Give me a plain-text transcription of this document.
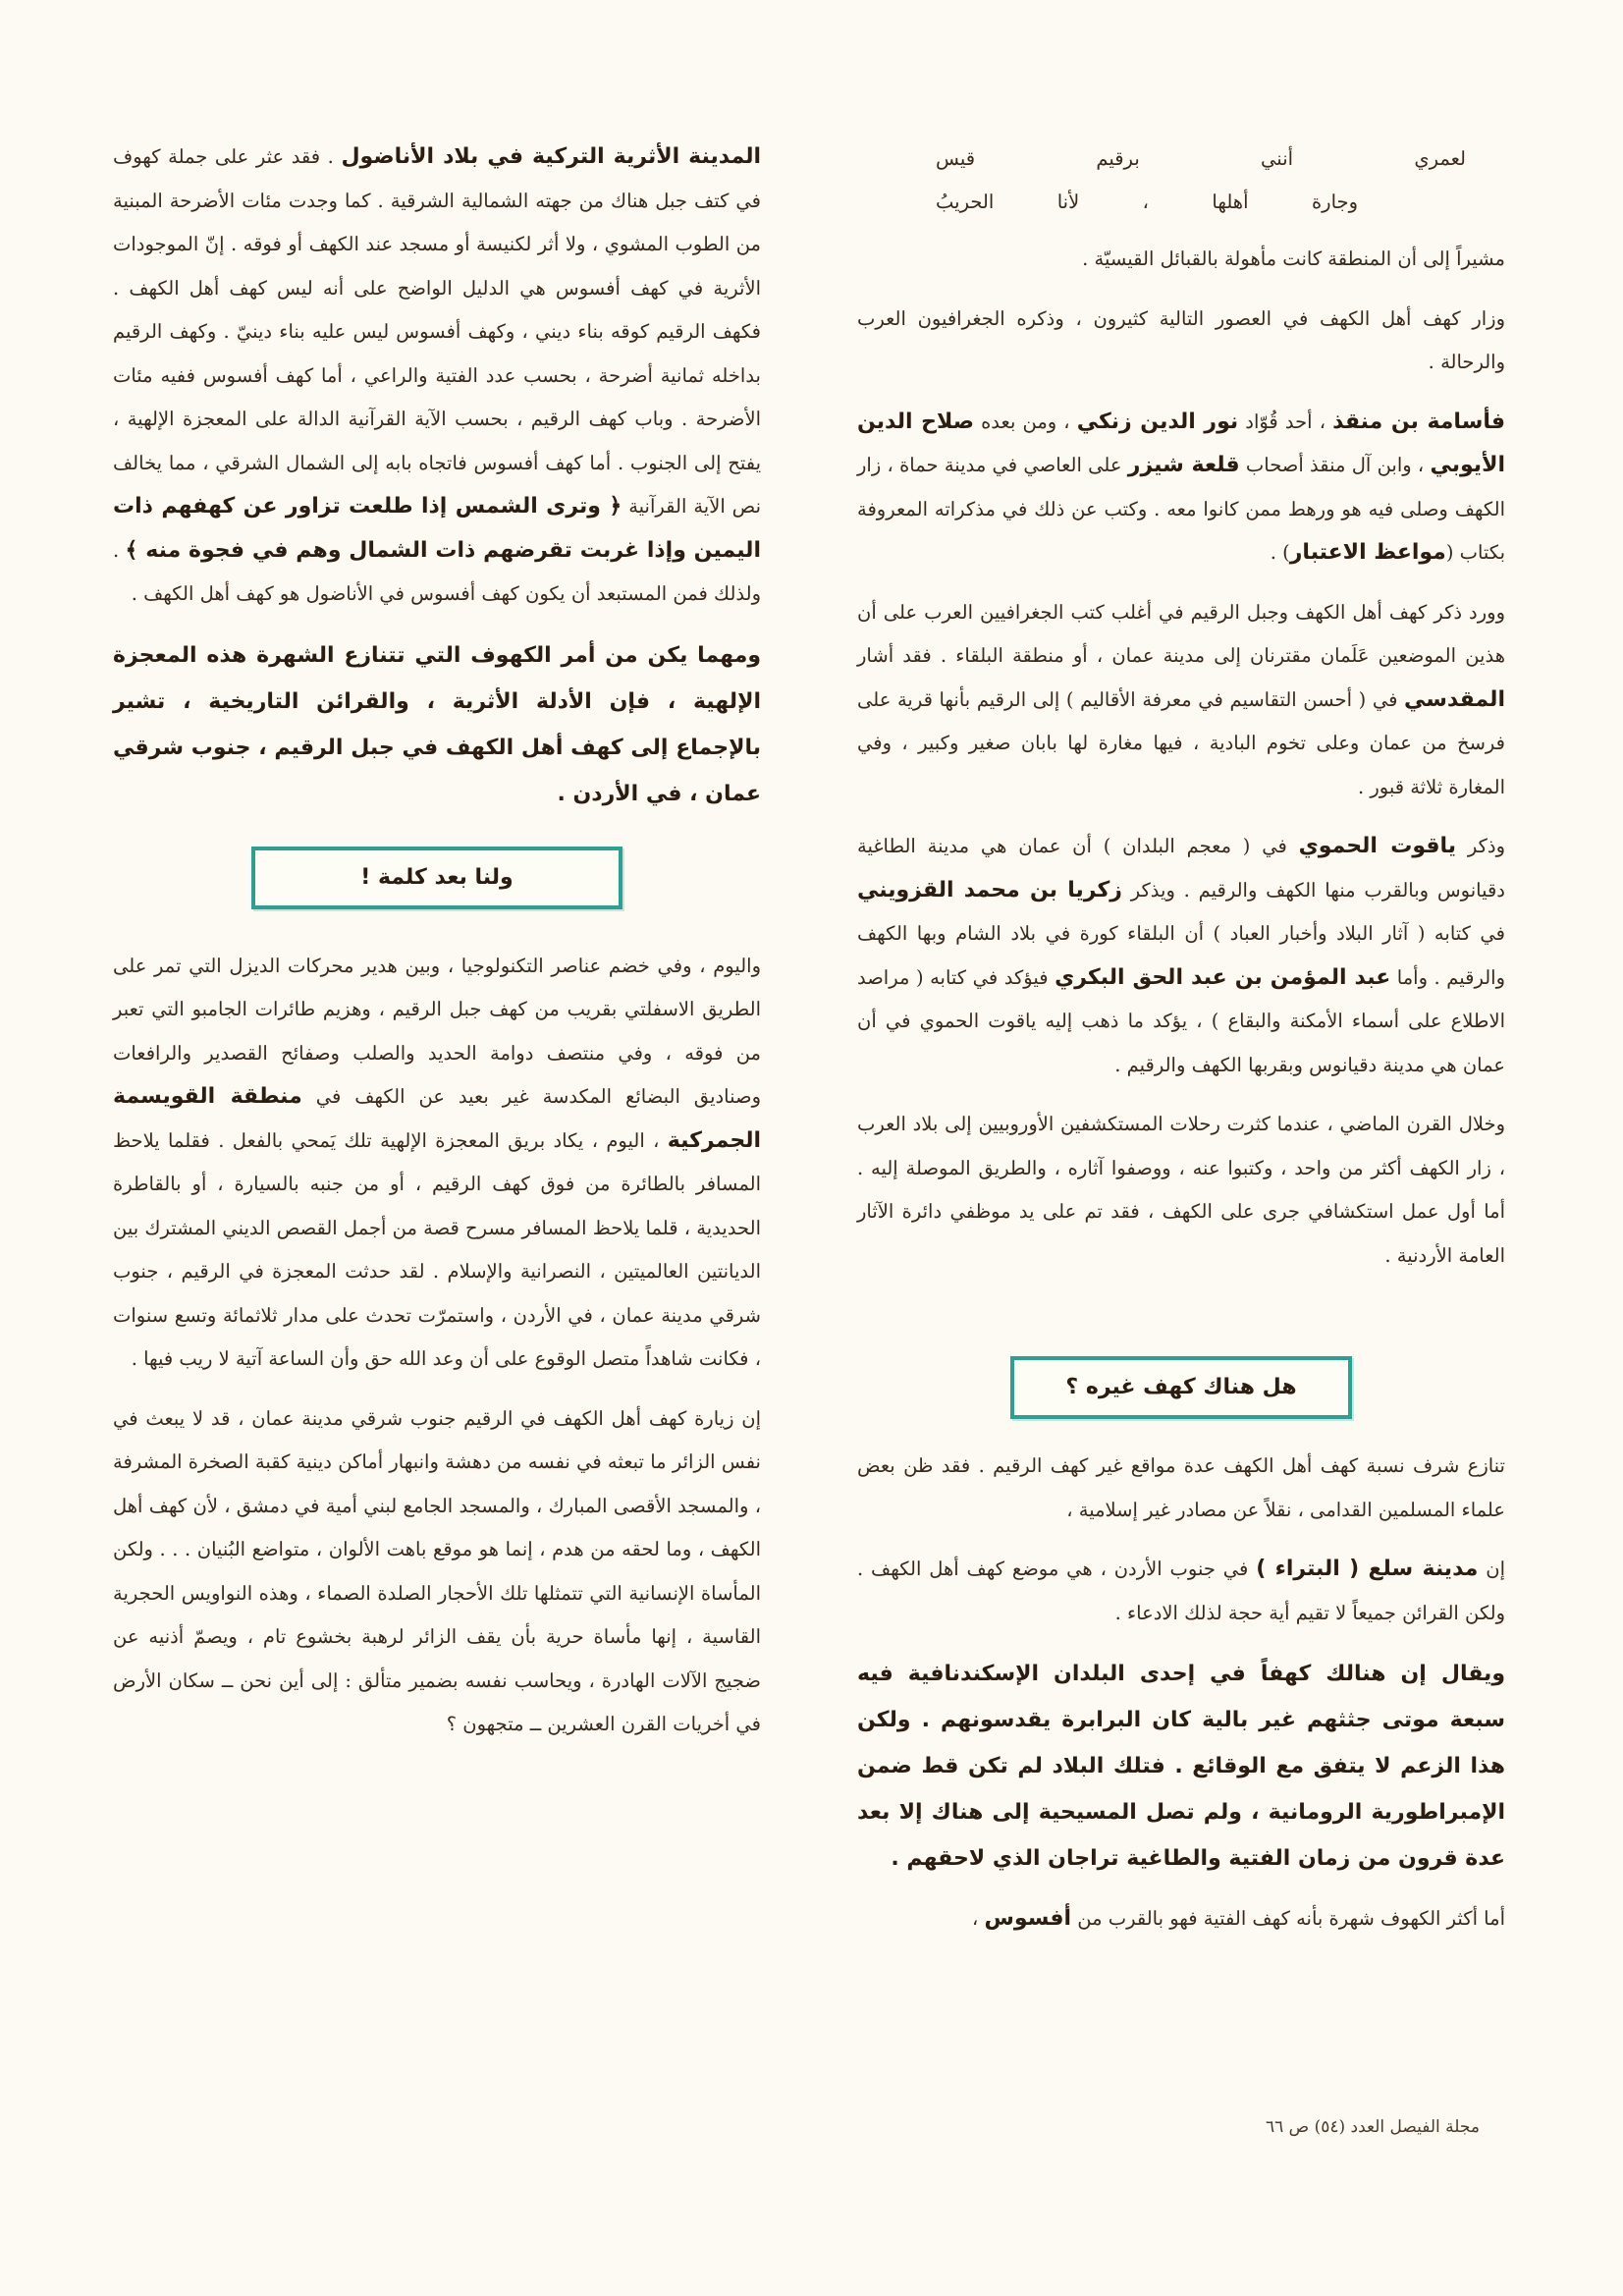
لعمري أنني برقيم قيس
وجارة أهلها ، لأنا الحريبُ

مشيراً إلى أن المنطقة كانت مأهولة بالقبائل القيسيّة .

وزار كهف أهل الكهف في العصور التالية كثيرون ، وذكره الجغرافيون العرب والرحالة .

فأسامة بن منقذ ، أحد قُوّاد نور الدين زنكي ، ومن بعده صلاح الدين الأيوبي ، وابن آل منقذ أصحاب قلعة شيزر على العاصي في مدينة حماة ، زار الكهف وصلى فيه هو ورهط ممن كانوا معه . وكتب عن ذلك في مذكراته المعروفة بكتاب (مواعظ الاعتبار) .

وورد ذكر كهف أهل الكهف وجبل الرقيم في أغلب كتب الجغرافيين العرب على أن هذين الموضعين عَلَمان مقترنان إلى مدينة عمان ، أو منطقة البلقاء . فقد أشار المقدسي في ( أحسن التقاسيم في معرفة الأقاليم ) إلى الرقيم بأنها قرية على فرسخ من عمان وعلى تخوم البادية ، فيها مغارة لها بابان صغير وكبير ، وفي المغارة ثلاثة قبور .

وذكر ياقوت الحموي في ( معجم البلدان ) أن عمان هي مدينة الطاغية دقيانوس وبالقرب منها الكهف والرقيم . ويذكر زكريا بن محمد القزويني في كتابه ( آثار البلاد وأخبار العباد ) أن البلقاء كورة في بلاد الشام وبها الكهف والرقيم . وأما عبد المؤمن بن عبد الحق البكري فيؤكد في كتابه ( مراصد الاطلاع على أسماء الأمكنة والبقاع ) ، يؤكد ما ذهب إليه ياقوت الحموي في أن عمان هي مدينة دقيانوس وبقربها الكهف والرقيم .

وخلال القرن الماضي ، عندما كثرت رحلات المستكشفين الأوروبيين إلى بلاد العرب ، زار الكهف أكثر من واحد ، وكتبوا عنه ، ووصفوا آثاره ، والطريق الموصلة إليه . أما أول عمل استكشافي جرى على الكهف ، فقد تم على يد موظفي دائرة الآثار العامة الأردنية .

هل هناك كهف غيره ؟

تنازع شرف نسبة كهف أهل الكهف عدة مواقع غير كهف الرقيم . فقد ظن بعض علماء المسلمين القدامى ، نقلاً عن مصادر غير إسلامية ،

إن مدينة سلع ( البتراء ) في جنوب الأردن ، هي موضع كهف أهل الكهف . ولكن القرائن جميعاً لا تقيم أية حجة لذلك الادعاء .

ويقال إن هنالك كهفاً في إحدى البلدان الإسكندنافية فيه سبعة موتى جثثهم غير بالية كان البرابرة يقدسونهم . ولكن هذا الزعم لا يتفق مع الوقائع . فتلك البلاد لم تكن قط ضمن الإمبراطورية الرومانية ، ولم تصل المسيحية إلى هناك إلا بعد عدة قرون من زمان الفتية والطاغية تراجان الذي لاحقهم .

أما أكثر الكهوف شهرة بأنه كهف الفتية فهو بالقرب من أفسوس ،

المدينة الأثرية التركية في بلاد الأناضول . فقد عثر على جملة كهوف في كتف جبل هناك من جهته الشمالية الشرقية . كما وجدت مئات الأضرحة المبنية من الطوب المشوي ، ولا أثر لكنيسة أو مسجد عند الكهف أو فوقه . إنّ الموجودات الأثرية في كهف أفسوس هي الدليل الواضح على أنه ليس كهف أهل الكهف . فكهف الرقيم كوقه بناء ديني ، وكهف أفسوس ليس عليه بناء دينيّ . وكهف الرقيم بداخله ثمانية أضرحة ، بحسب عدد الفتية والراعي ، أما كهف أفسوس ففيه مئات الأضرحة . وباب كهف الرقيم ، بحسب الآية القرآنية الدالة على المعجزة الإلهية ، يفتح إلى الجنوب . أما كهف أفسوس فاتجاه بابه إلى الشمال الشرقي ، مما يخالف نص الآية القرآنية ﴿ وترى الشمس إذا طلعت تزاور عن كهفهم ذات اليمين وإذا غربت تقرضهم ذات الشمال وهم في فجوة منه ﴾ . ولذلك فمن المستبعد أن يكون كهف أفسوس في الأناضول هو كهف أهل الكهف .

ومهما يكن من أمر الكهوف التي تتنازع الشهرة هذه المعجزة الإلهية ، فإن الأدلة الأثرية ، والقرائن التاريخية ، تشير بالإجماع إلى كهف أهل الكهف في جبل الرقيم ، جنوب شرقي عمان ، في الأردن .

ولنا بعد كلمة !

واليوم ، وفي خضم عناصر التكنولوجيا ، وبين هدير محركات الديزل التي تمر على الطريق الاسفلتي بقريب من كهف جبل الرقيم ، وهزيم طائرات الجامبو التي تعبر من فوقه ، وفي منتصف دوامة الحديد والصلب وصفائح القصدير والرافعات وصناديق البضائع المكدسة غير بعيد عن الكهف في منطقة القويسمة الجمركية ، اليوم ، يكاد بريق المعجزة الإلهية تلك يَمحي بالفعل . فقلما يلاحظ المسافر بالطائرة من فوق كهف الرقيم ، أو من جنبه بالسيارة ، أو بالقاطرة الحديدية ، قلما يلاحظ المسافر مسرح قصة من أجمل القصص الديني المشترك بين الديانتين العالميتين ، النصرانية والإسلام . لقد حدثت المعجزة في الرقيم ، جنوب شرقي مدينة عمان ، في الأردن ، واستمرّت تحدث على مدار ثلاثمائة وتسع سنوات ، فكانت شاهداً متصل الوقوع على أن وعد الله حق وأن الساعة آتية لا ريب فيها .

إن زيارة كهف أهل الكهف في الرقيم جنوب شرقي مدينة عمان ، قد لا يبعث في نفس الزائر ما تبعثه في نفسه من دهشة وانبهار أماكن دينية كقبة الصخرة المشرفة ، والمسجد الأقصى المبارك ، والمسجد الجامع لبني أمية في دمشق ، لأن كهف أهل الكهف ، وما لحقه من هدم ، إنما هو موقع باهت الألوان ، متواضع البُنيان . . . ولكن المأساة الإنسانية التي تتمثلها تلك الأحجار الصلدة الصماء ، وهذه النواويس الحجرية القاسية ، إنها مأساة حرية بأن يقف الزائر لرهبة بخشوع تام ، ويصمّ أذنيه عن ضجيج الآلات الهادرة ، ويحاسب نفسه بضمير متألق : إلى أين نحن ــ سكان الأرض في أخريات القرن العشرين ــ متجهون ؟

مجلة الفيصل العدد (٥٤) ص ٦٦
